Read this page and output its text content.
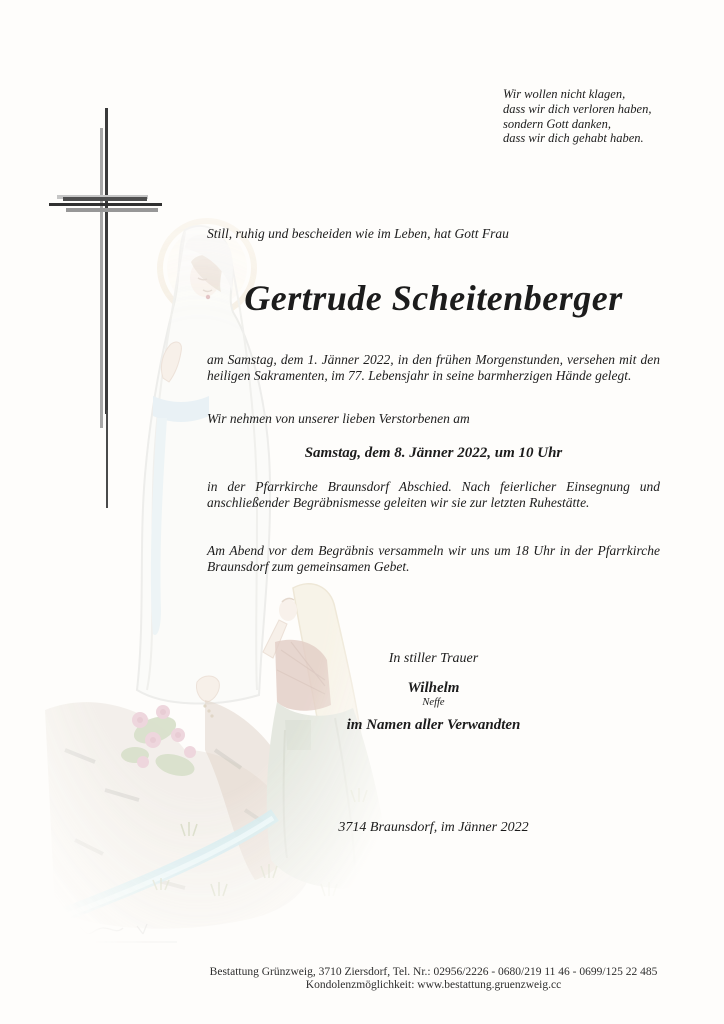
Wir wollen nicht klagen,
dass wir dich verloren haben,
sondern Gott danken,
dass wir dich gehabt haben.
Still, ruhig und bescheiden wie im Leben, hat Gott Frau
Gertrude Scheitenberger
am Samstag, dem 1. Jänner 2022, in den frühen Morgenstunden, versehen mit den heiligen Sakramenten, im 77. Lebensjahr in seine barmherzigen Hände gelegt.
Wir nehmen von unserer lieben Verstorbenen am
Samstag, dem 8. Jänner 2022, um 10 Uhr
in der Pfarrkirche Braunsdorf Abschied. Nach feierlicher Einsegnung und anschließender Begräbnismesse geleiten wir sie zur letzten Ruhestätte.
Am Abend vor dem Begräbnis versammeln wir uns um 18 Uhr in der Pfarrkirche Braunsdorf zum gemeinsamen Gebet.
In stiller Trauer
Wilhelm
Neffe
im Namen aller Verwandten
3714 Braunsdorf, im Jänner 2022
Bestattung Grünzweig, 3710 Ziersdorf, Tel. Nr.: 02956/2226 - 0680/219 11 46 - 0699/125 22 485
Kondolenzmöglichkeit: www.bestattung.gruenzweig.cc
